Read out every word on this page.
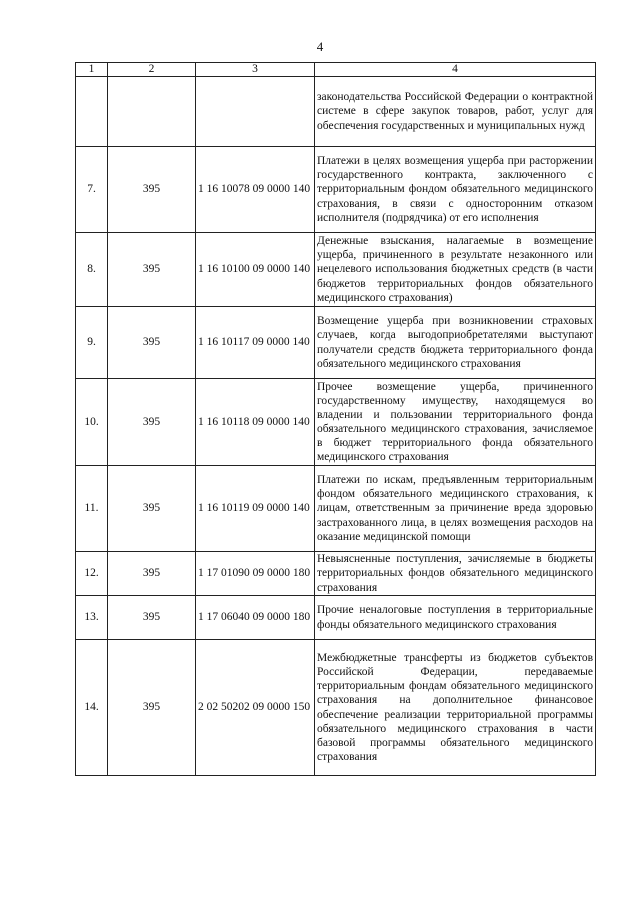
4
1	2	3	4
			законодательства Российской Федерации о контрактной системе в сфере закупок товаров, работ, услуг для обеспечения государственных и муниципальных нужд
7.	395	1 16 10078 09 0000 140	Платежи в целях возмещения ущерба при расторжении государственного контракта, заключенного с территориальным фондом обязательного медицинского страхования, в связи с односторонним отказом исполнителя (подрядчика) от его исполнения
8.	395	1 16 10100 09 0000 140	Денежные взыскания, налагаемые в возмещение ущерба, причиненного в результате незаконного или нецелевого использования бюджетных средств (в части бюджетов территориальных фондов обязательного медицинского страхования)
9.	395	1 16 10117 09 0000 140	Возмещение ущерба при возникновении страховых случаев, когда выгодоприобретателями выступают получатели средств бюджета территориального фонда обязательного медицинского страхования
10.	395	1 16 10118 09 0000 140	Прочее возмещение ущерба, причиненного государственному имуществу, находящемуся во владении и пользовании территориального фонда обязательного медицинского страхования, зачисляемое в бюджет территориального фонда обязательного медицинского страхования
11.	395	1 16 10119 09 0000 140	Платежи по искам, предъявленным территориальным фондом обязательного медицинского страхования, к лицам, ответственным за причинение вреда здоровью застрахованного лица, в целях возмещения расходов на оказание медицинской помощи
12.	395	1 17 01090 09 0000 180	Невыясненные поступления, зачисляемые в бюджеты территориальных фондов обязательного медицинского страхования
13.	395	1 17 06040 09 0000 180	Прочие неналоговые поступления в территориальные фонды обязательного медицинского страхования
14.	395	2 02 50202 09 0000 150	Межбюджетные трансферты из бюджетов субъектов Российской Федерации, передаваемые территориальным фондам обязательного медицинского страхования на дополнительное финансовое обеспечение реализации территориальной программы обязательного медицинского страхования в части базовой программы обязательного медицинского страхования
